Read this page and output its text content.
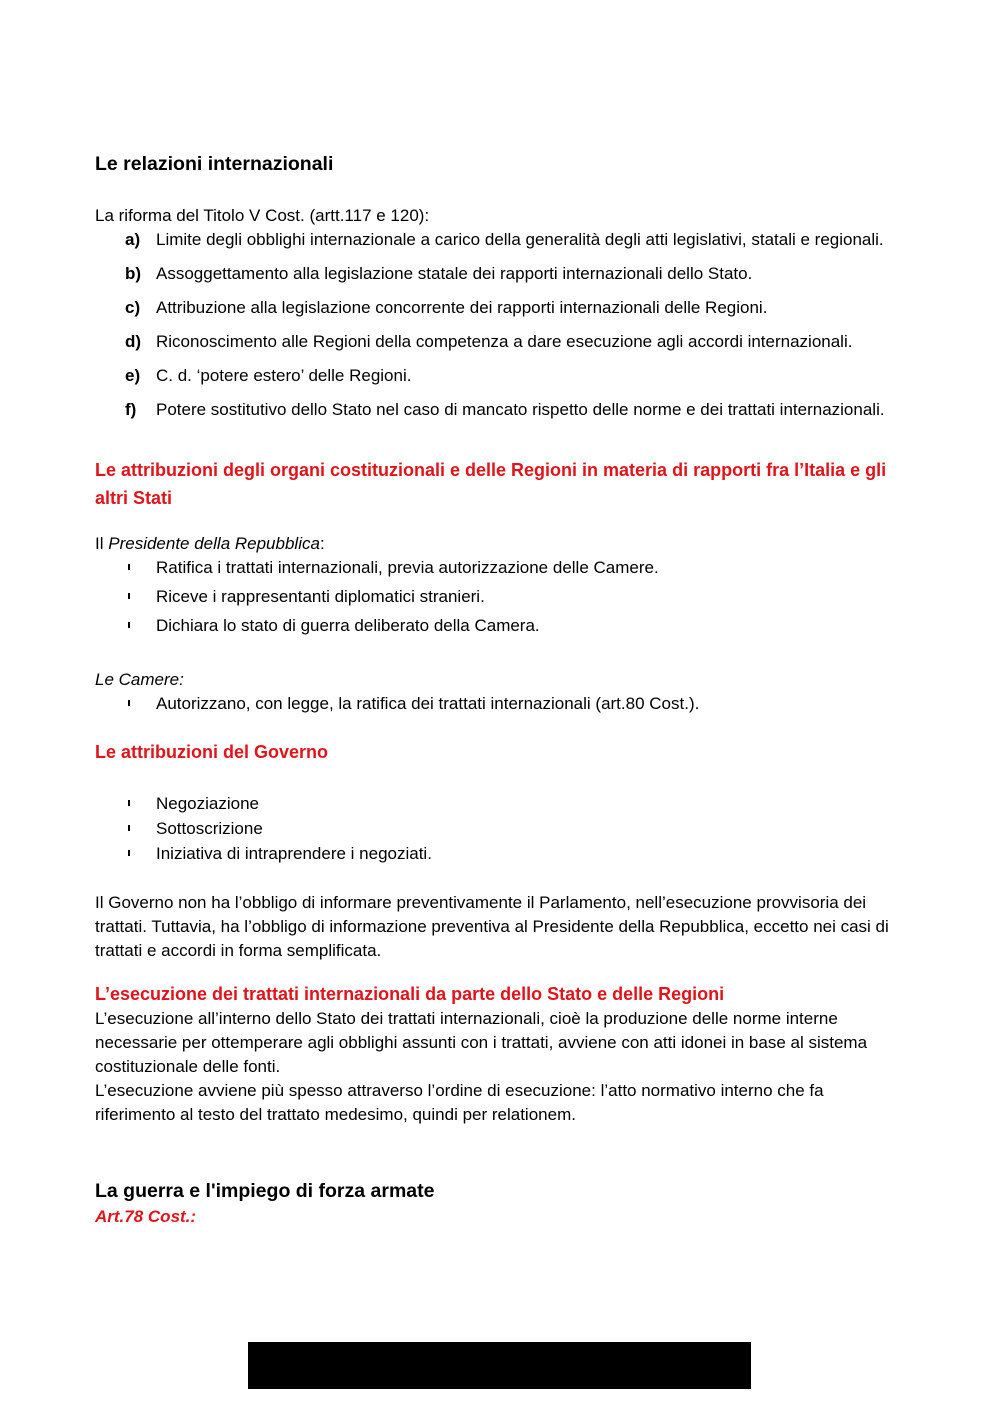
Le relazioni internazionali

La riforma del Titolo V Cost. (artt.117 e 120):

a) Limite degli obblighi internazionale a carico della generalità degli atti legislativi, statali e regionali.
b) Assoggettamento alla legislazione statale dei rapporti internazionali dello Stato.
c) Attribuzione alla legislazione concorrente dei rapporti internazionali delle Regioni.
d) Riconoscimento alle Regioni della competenza a dare esecuzione agli accordi internazionali.
e) C. d. ‘potere estero’ delle Regioni.
f) Potere sostitutivo dello Stato nel caso di mancato rispetto delle norme e dei trattati internazionali.
Le attribuzioni degli organi costituzionali e delle Regioni in materia di rapporti fra l’Italia e gli altri Stati

Il Presidente della Repubblica:

Ratifica i trattati internazionali, previa autorizzazione delle Camere.
Riceve i rappresentanti diplomatici stranieri.
Dichiara lo stato di guerra deliberato della Camera.

Le Camere:

Autorizzano, con legge, la ratifica dei trattati internazionali (art.80 Cost.).
Le attribuzioni del Governo
Negoziazione
Sottoscrizione
Iniziativa di intraprendere i negoziati.

Il Governo non ha l’obbligo di informare preventivamente il Parlamento, nell’esecuzione provvisoria dei trattati. Tuttavia, ha l’obbligo di informazione preventiva al Presidente della Repubblica, eccetto nei casi di trattati e accordi in forma semplificata.

L’esecuzione dei trattati internazionali da parte dello Stato e delle Regioni

L’esecuzione all’interno dello Stato dei trattati internazionali, cioè la produzione delle norme interne necessarie per ottemperare agli obblighi assunti con i trattati, avviene con atti idonei in base al sistema costituzionale delle fonti.

L’esecuzione avviene più spesso attraverso l’ordine di esecuzione: l’atto normativo interno che fa riferimento al testo del trattato medesimo, quindi per relationem.

La guerra e l'impiego di forza armate

Art.78 Cost.:
